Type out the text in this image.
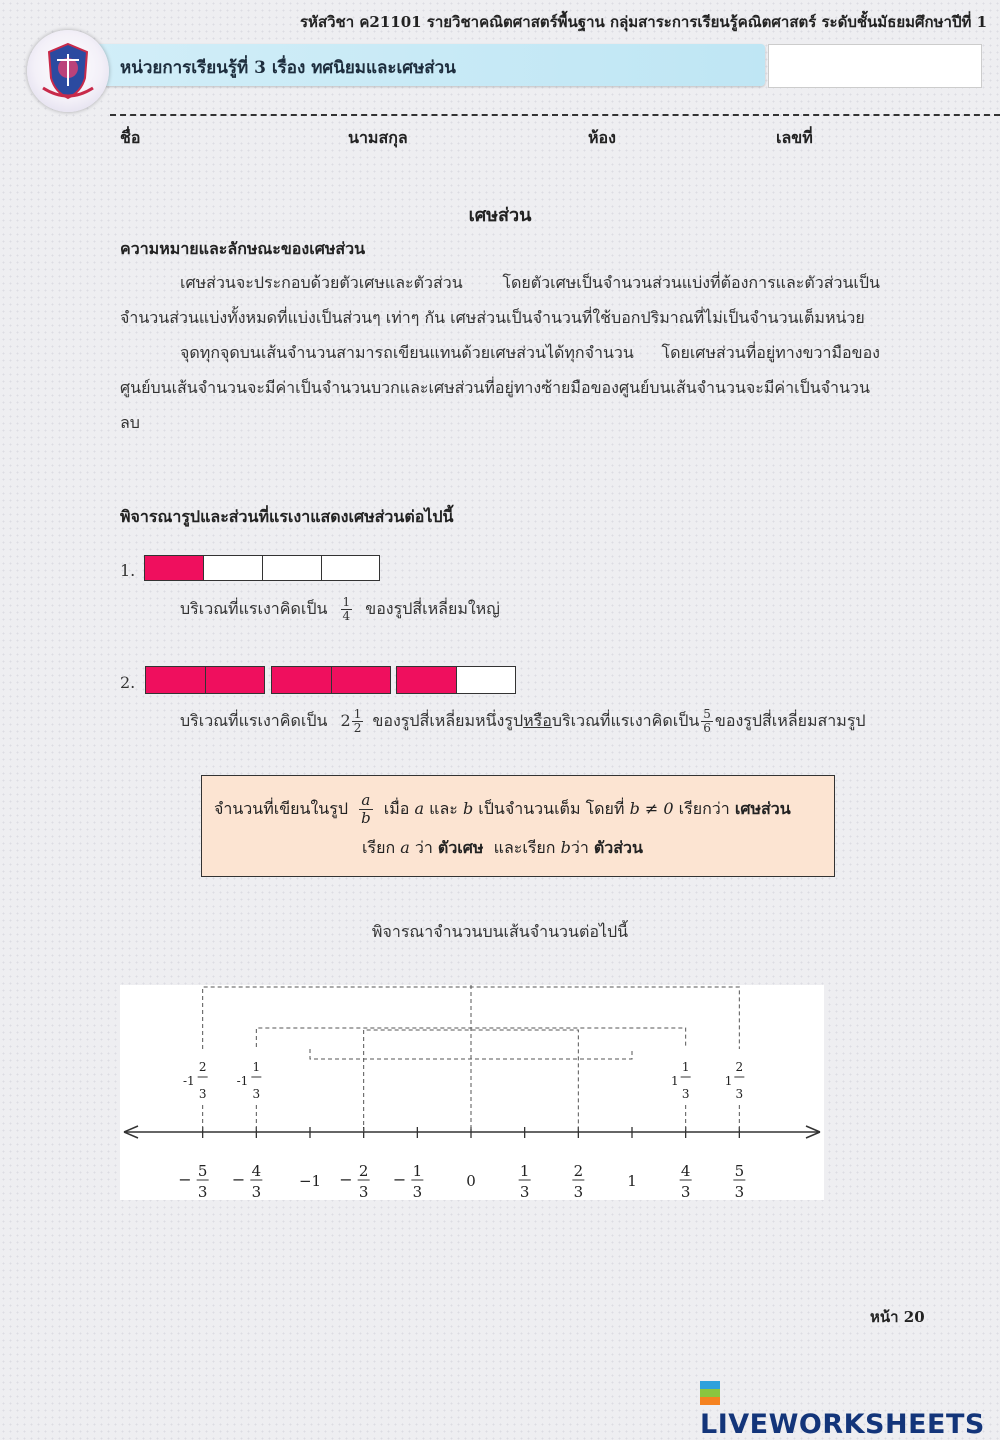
รหัสวิชา ค21101 รายวิชาคณิตศาสตร์พื้นฐาน กลุ่มสาระการเรียนรู้คณิตศาสตร์ ระดับชั้นมัธยมศึกษาปีที่ 1
หน่วยการเรียนรู้ที่ 3 เรื่อง ทศนิยมและเศษส่วน
ชื่อ	นามสกุล	ห้อง	เลขที่
เศษส่วน
ความหมายและลักษณะของเศษส่วน

เศษส่วนจะประกอบด้วยตัวเศษและตัวส่วน โดยตัวเศษเป็นจำนวนส่วนแบ่งที่ต้องการและตัวส่วนเป็นจำนวนส่วนแบ่งทั้งหมดที่แบ่งเป็นส่วนๆ เท่าๆ กัน เศษส่วนเป็นจำนวนที่ใช้บอกปริมาณที่ไม่เป็นจำนวนเต็มหน่วย

จุดทุกจุดบนเส้นจำนวนสามารถเขียนแทนด้วยเศษส่วนได้ทุกจำนวน โดยเศษส่วนที่อยู่ทางขวามือของศูนย์บนเส้นจำนวนจะมีค่าเป็นจำนวนบวกและเศษส่วนที่อยู่ทางซ้ายมือของศูนย์บนเส้นจำนวนจะมีค่าเป็นจำนวนลบ

พิจารณารูปและส่วนที่แรเงาแสดงเศษส่วนต่อไปนี้
1.
บริเวณที่แรเงาคิดเป็น $\frac{1}{4}$ ของรูปสี่เหลี่ยมใหญ่
2.
บริเวณที่แรเงาคิดเป็น $2 \frac{1}{2}$ ของรูปสี่เหลี่ยมหนึ่งรูปหรือบริเวณที่แรเงาคิดเป็น $\frac{5}{6}$ ของรูปสี่เหลี่ยมสามรูป
จำนวนที่เขียนในรูป $\frac{a}{b}$ เมื่อ a และ b เป็นจำนวนเต็ม โดยที่ b ≠ 0 เรียกว่า เศษส่วน
เรียก a ว่า ตัวเศษ และเรียก bว่า ตัวส่วน
พิจารณาจำนวนบนเส้นจำนวนต่อไปนี้
− 5
3
− 4
3
−1 − 2
3
− 1
3
0
1
3
2
3
1
4
3
5
3
-1
2
3
-1
1
3
1
1
3
1
2
3
หน้า 20
LIVEWORKSHEETS
